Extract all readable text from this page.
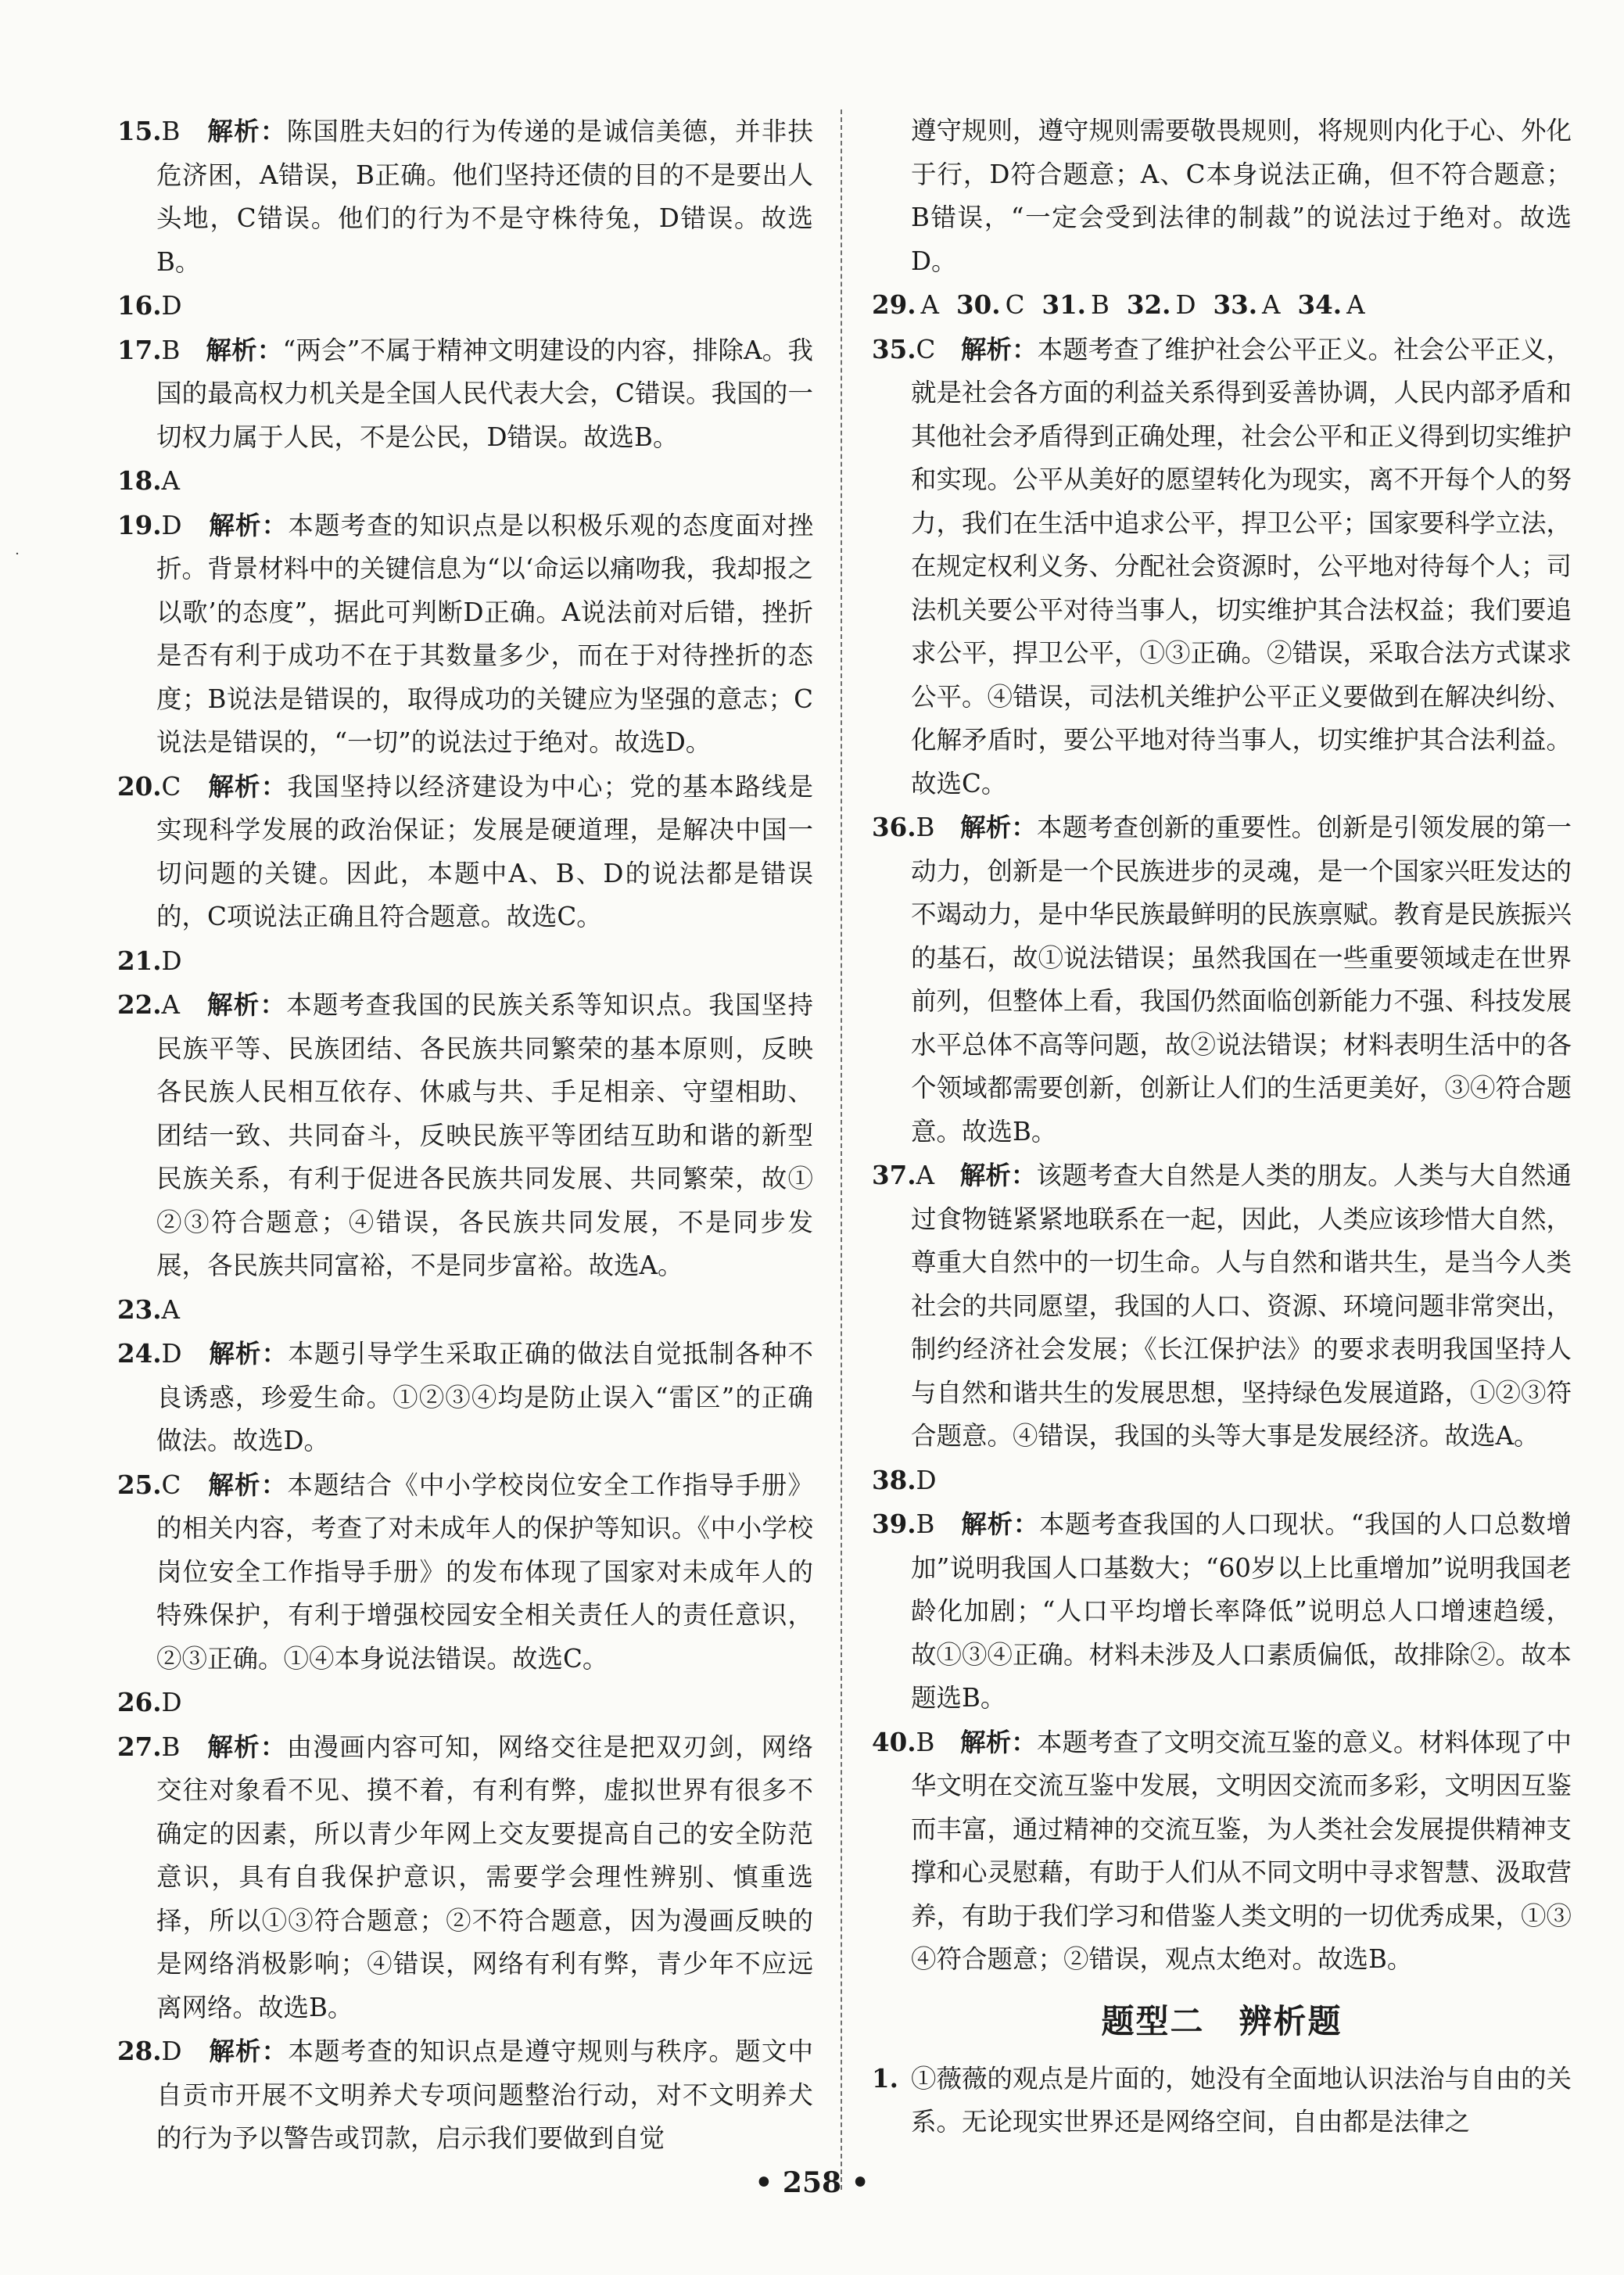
15.B　 解析：陈国胜夫妇的行为传递的是诚信美德，并非扶危济困，A错误，B正确。他们坚持还债的目的不是要出人头地，C错误。他们的行为不是守株待兔，D错误。故选B。

16.D

17.B　 解析：“两会”不属于精神文明建设的内容，排除A。我国的最高权力机关是全国人民代表大会，C错误。我国的一切权力属于人民，不是公民，D错误。故选B。

18.A

19.D　 解析：本题考查的知识点是以积极乐观的态度面对挫折。背景材料中的关键信息为“以‘命运以痛吻我，我却报之以歌’的态度”，据此可判断D正确。A说法前对后错，挫折是否有利于成功不在于其数量多少，而在于对待挫折的态度；B说法是错误的，取得成功的关键应为坚强的意志；C说法是错误的，“一切”的说法过于绝对。故选D。

20.C　 解析：我国坚持以经济建设为中心；党的基本路线是实现科学发展的政治保证；发展是硬道理，是解决中国一切问题的关键。因此，本题中A、B、D的说法都是错误的，C项说法正确且符合题意。故选C。

21.D

22.A　 解析：本题考查我国的民族关系等知识点。我国坚持民族平等、民族团结、各民族共同繁荣的基本原则，反映各民族人民相互依存、休戚与共、手足相亲、守望相助、团结一致、共同奋斗，反映民族平等团结互助和谐的新型民族关系，有利于促进各民族共同发展、共同繁荣，故①②③符合题意；④错误，各民族共同发展，不是同步发展，各民族共同富裕，不是同步富裕。故选A。

23.A

24.D　 解析：本题引导学生采取正确的做法自觉抵制各种不良诱惑，珍爱生命。①②③④均是防止误入“雷区”的正确做法。故选D。

25.C　 解析：本题结合《中小学校岗位安全工作指导手册》的相关内容，考查了对未成年人的保护等知识。《中小学校岗位安全工作指导手册》的发布体现了国家对未成年人的特殊保护，有利于增强校园安全相关责任人的责任意识，②③正确。①④本身说法错误。故选C。

26.D

27.B　 解析：由漫画内容可知，网络交往是把双刃剑，网络交往对象看不见、摸不着，有利有弊，虚拟世界有很多不确定的因素，所以青少年网上交友要提高自己的安全防范意识，具有自我保护意识，需要学会理性辨别、慎重选择，所以①③符合题意；②不符合题意，因为漫画反映的是网络消极影响；④错误，网络有利有弊，青少年不应远离网络。故选B。

28.D　 解析：本题考查的知识点是遵守规则与秩序。题文中自贡市开展不文明养犬专项问题整治行动，对不文明养犬的行为予以警告或罚款，启示我们要做到自觉

遵守规则，遵守规则需要敬畏规则，将规则内化于心、外化于行，D符合题意；A、C本身说法正确，但不符合题意；B错误，“一定会受到法律的制裁”的说法过于绝对。故选D。

29. A 30. C 31. B 32. D 33. A 34. A

35.C　 解析：本题考查了维护社会公平正义。社会公平正义，就是社会各方面的利益关系得到妥善协调，人民内部矛盾和其他社会矛盾得到正确处理，社会公平和正义得到切实维护和实现。公平从美好的愿望转化为现实，离不开每个人的努力，我们在生活中追求公平，捍卫公平；国家要科学立法，在规定权利义务、分配社会资源时，公平地对待每个人；司法机关要公平对待当事人，切实维护其合法权益；我们要追求公平，捍卫公平，①③正确。②错误，采取合法方式谋求公平。④错误，司法机关维护公平正义要做到在解决纠纷、化解矛盾时，要公平地对待当事人，切实维护其合法利益。故选C。

36.B　 解析：本题考查创新的重要性。创新是引领发展的第一动力，创新是一个民族进步的灵魂，是一个国家兴旺发达的不竭动力，是中华民族最鲜明的民族禀赋。教育是民族振兴的基石，故①说法错误；虽然我国在一些重要领域走在世界前列，但整体上看，我国仍然面临创新能力不强、科技发展水平总体不高等问题，故②说法错误；材料表明生活中的各个领域都需要创新，创新让人们的生活更美好，③④符合题意。故选B。

37.A　 解析：该题考查大自然是人类的朋友。人类与大自然通过食物链紧紧地联系在一起，因此，人类应该珍惜大自然，尊重大自然中的一切生命。人与自然和谐共生，是当今人类社会的共同愿望，我国的人口、资源、环境问题非常突出，制约经济社会发展；《长江保护法》的要求表明我国坚持人与自然和谐共生的发展思想，坚持绿色发展道路，①②③符合题意。④错误，我国的头等大事是发展经济。故选A。

38.D

39.B　 解析：本题考查我国的人口现状。“我国的人口总数增加”说明我国人口基数大；“60岁以上比重增加”说明我国老龄化加剧；“人口平均增长率降低”说明总人口增速趋缓，故①③④正确。材料未涉及人口素质偏低，故排除②。故本题选B。

40.B　 解析：本题考查了文明交流互鉴的意义。材料体现了中华文明在交流互鉴中发展，文明因交流而多彩，文明因互鉴而丰富，通过精神的交流互鉴，为人类社会发展提供精神支撑和心灵慰藉，有助于人们从不同文明中寻求智慧、汲取营养，有助于我们学习和借鉴人类文明的一切优秀成果，①③④符合题意；②错误，观点太绝对。故选B。

题型二　辨析题

1. ①薇薇的观点是片面的，她没有全面地认识法治与自由的关系。无论现实世界还是网络空间，自由都是法律之

• 258 •
